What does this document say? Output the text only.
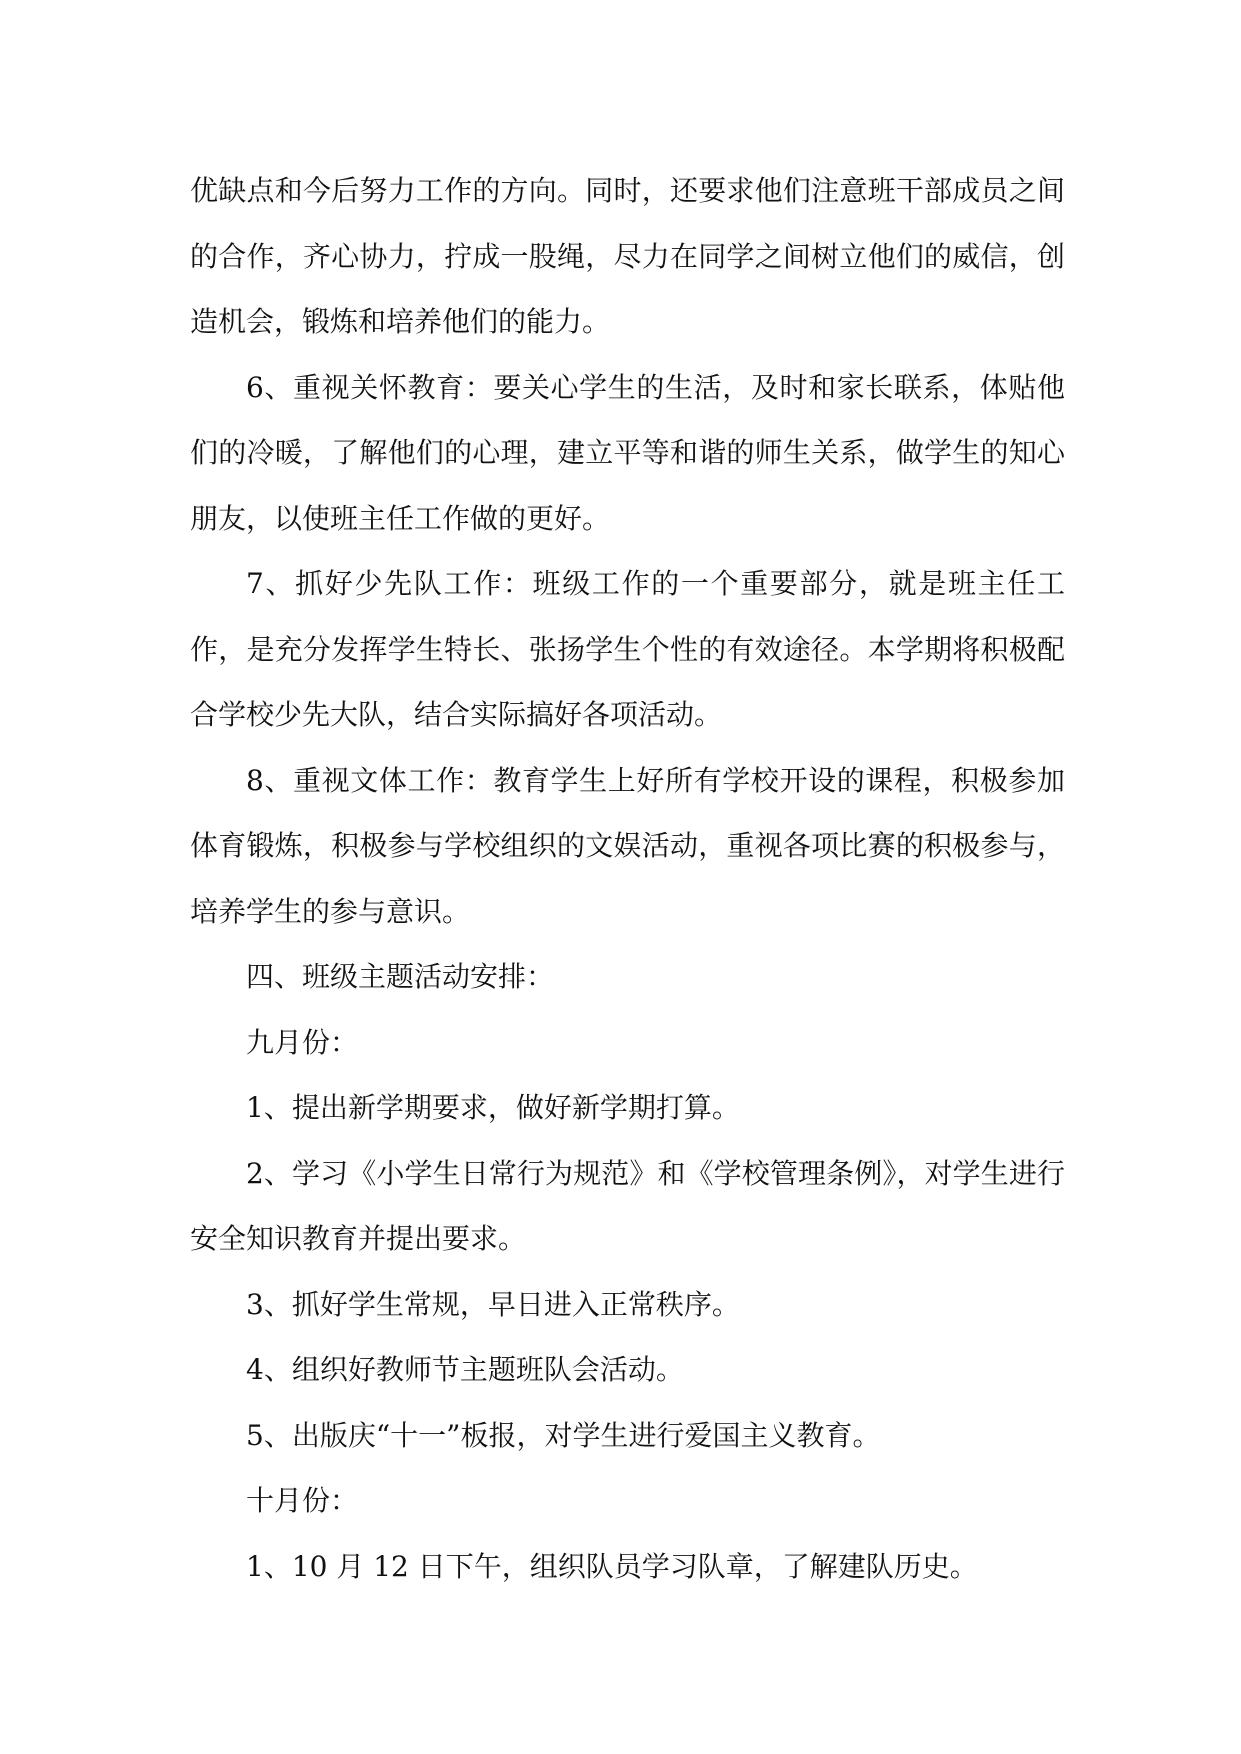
优缺点和今后努力工作的方向。同时，还要求他们注意班干部成员之间的合作，齐心协力，拧成一股绳，尽力在同学之间树立他们的威信，创造机会，锻炼和培养他们的能力。

6、重视关怀教育：要关心学生的生活，及时和家长联系，体贴他们的冷暖，了解他们的心理，建立平等和谐的师生关系，做学生的知心朋友，以使班主任工作做的更好。

7、抓好少先队工作：班级工作的一个重要部分，就是班主任工作，是充分发挥学生特长、张扬学生个性的有效途径。本学期将积极配合学校少先大队，结合实际搞好各项活动。

8、重视文体工作：教育学生上好所有学校开设的课程，积极参加体育锻炼，积极参与学校组织的文娱活动，重视各项比赛的积极参与，培养学生的参与意识。

四、班级主题活动安排：

九月份：

1、提出新学期要求，做好新学期打算。

2、学习《小学生日常行为规范》和《学校管理条例》，对学生进行安全知识教育并提出要求。

3、抓好学生常规，早日进入正常秩序。

4、组织好教师节主题班队会活动。

5、出版庆“十一”板报，对学生进行爱国主义教育。

十月份：

1、10 月 12 日下午，组织队员学习队章，了解建队历史。
